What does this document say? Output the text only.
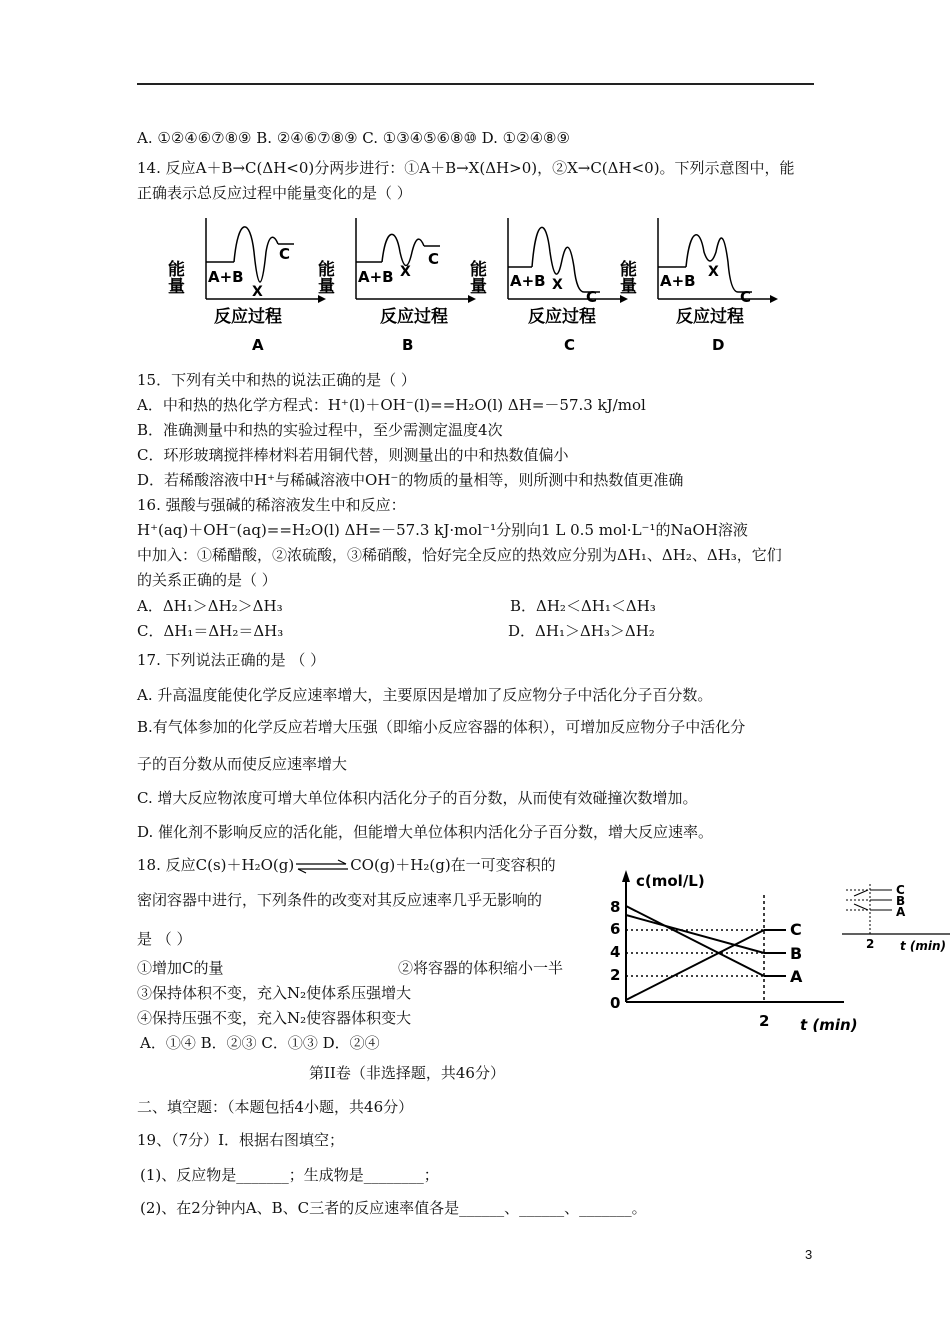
A. ①②④⑥⑦⑧⑨ B. ②④⑥⑦⑧⑨ C. ①③④⑤⑥⑧⑩ D. ①②④⑧⑨
14. 反应A＋B→C(ΔH<0)分两步进行：①A＋B→X(ΔH>0)，②X→C(ΔH<0)。下列示意图中，能
正确表示总反应过程中能量变化的是（ ）
能量 A+B
X
C
反应过程
A
能量 A+B X
C
反应过程
B
能量 A+B X
C
反应过程
C
能量 A+B X
C
反应过程
D
15．下列有关中和热的说法正确的是（ ）
A．中和热的热化学方程式：H⁺(l)＋OH⁻(l)==H₂O(l) ΔH=－57.3 kJ/mol
B．准确测量中和热的实验过程中，至少需测定温度4次
C．环形玻璃搅拌棒材料若用铜代替，则测量出的中和热数值偏小
D．若稀酸溶液中H⁺与稀碱溶液中OH⁻的物质的量相等，则所测中和热数值更准确
16. 强酸与强碱的稀溶液发生中和反应：
H⁺(aq)＋OH⁻(aq)==H₂O(l) ΔH=－57.3 kJ·mol⁻¹分别向1 L 0.5 mol·L⁻¹的NaOH溶液
中加入：①稀醋酸，②浓硫酸，③稀硝酸，恰好完全反应的热效应分别为ΔH₁、ΔH₂、ΔH₃，它们
的关系正确的是（ ）
A．ΔH₁＞ΔH₂＞ΔH₃	B．ΔH₂＜ΔH₁＜ΔH₃
C．ΔH₁＝ΔH₂＝ΔH₃	D．ΔH₁＞ΔH₃＞ΔH₂
17. 下列说法正确的是 （ ）
A. 升高温度能使化学反应速率增大，主要原因是增加了反应物分子中活化分子百分数。
B.有气体参加的化学反应若增大压强（即缩小反应容器的体积），可增加反应物分子中活化分
子的百分数从而使反应速率增大
C. 增大反应物浓度可增大单位体积内活化分子的百分数，从而使有效碰撞次数增加。
D. 催化剂不影响反应的活化能，但能增大单位体积内活化分子百分数，增大反应速率。
18. 反应C(s)＋H₂O(g)⇌CO(g)＋H₂(g)在一可变容积的
密闭容器中进行，下列条件的改变对其反应速率几乎无影响的
是 （ ）
①增加C的量	②将容器的体积缩小一半
③保持体积不变，充入N₂使体系压强增大
④保持压强不变，充入N₂使容器体积变大
A．①④ B．②③ C．①③ D．②④
c(mol/L)
8
6
4
2
0
C
B
A
2 t (min)
C
B
A
2 t (min)
第II卷（非选择题，共46分）
二、填空题：（本题包括4小题，共46分）
19、（7分）Ⅰ．根据右图填空；
(1)、反应物是_______；生成物是________；
(2)、在2分钟内A、B、C三者的反应速率值各是______、______、_______。
3
